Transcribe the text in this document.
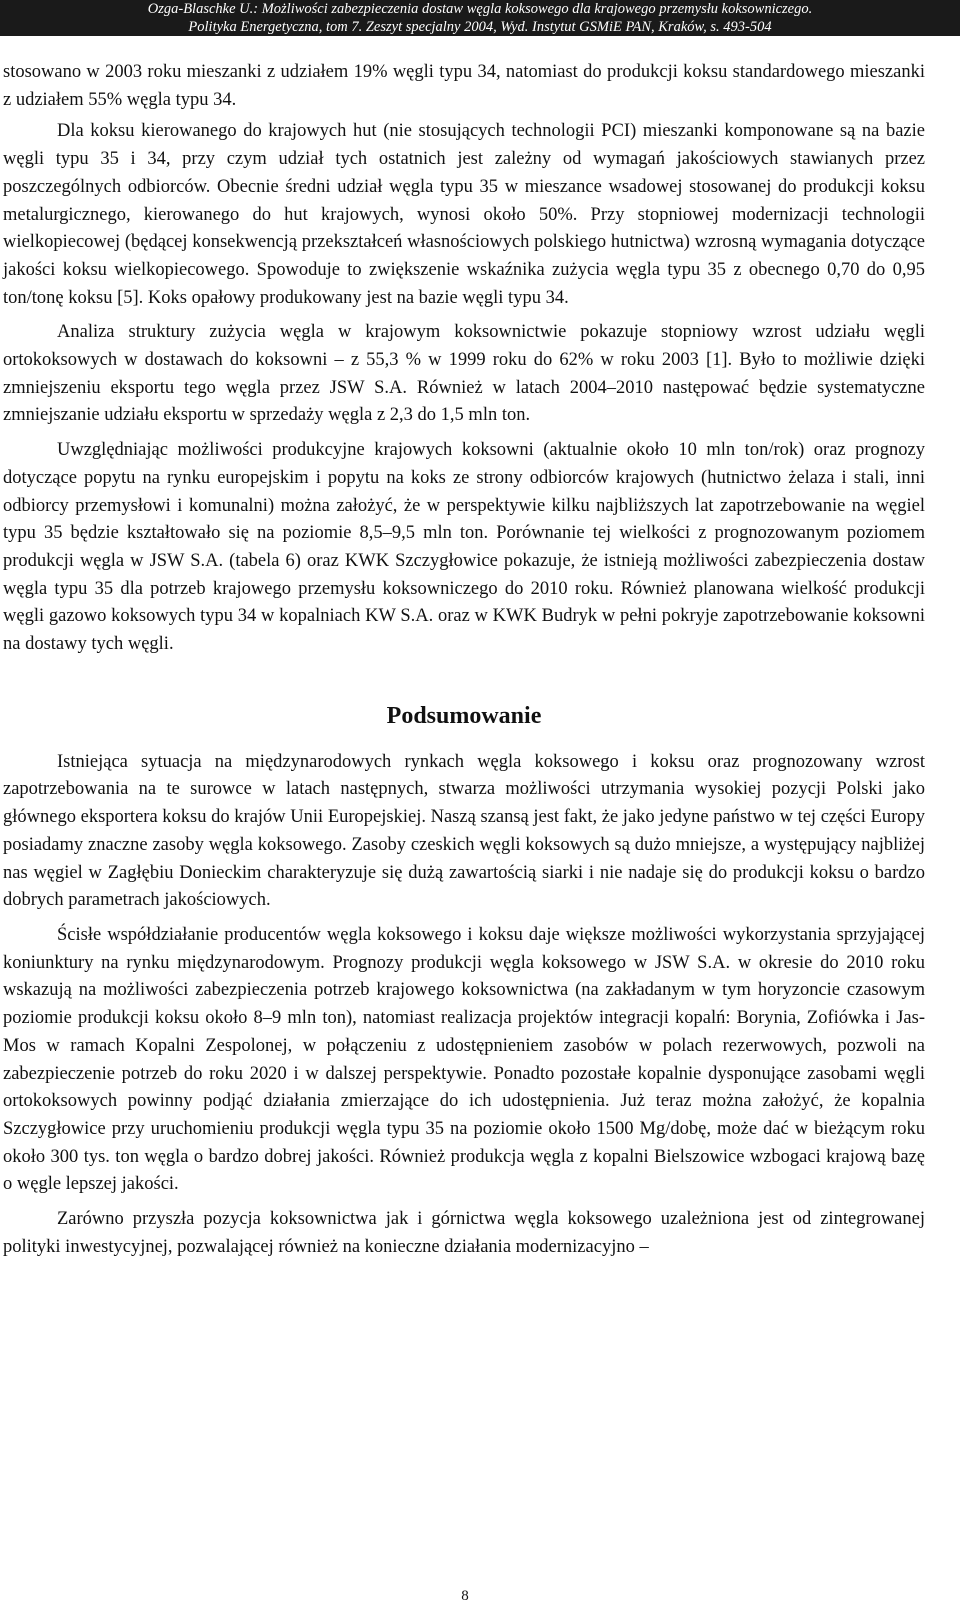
Ozga-Blaschke U.: Możliwości zabezpieczenia dostaw węgla koksowego dla krajowego przemysłu koksowniczego.
Polityka Energetyczna, tom 7. Zeszyt specjalny 2004, Wyd. Instytut GSMiE PAN, Kraków, s. 493-504

stosowano w 2003 roku mieszanki z udziałem 19% węgli typu 34, natomiast do produkcji koksu standardowego mieszanki z udziałem 55% węgla typu 34.

Dla koksu kierowanego do krajowych hut (nie stosujących technologii PCI) mieszanki komponowane są na bazie węgli typu 35 i 34, przy czym udział tych ostatnich jest zależny od wymagań jakościowych stawianych przez poszczególnych odbiorców. Obecnie średni udział węgla typu 35 w mieszance wsadowej stosowanej do produkcji koksu metalurgicznego, kierowanego do hut krajowych, wynosi około 50%. Przy stopniowej modernizacji technologii wielkopiecowej (będącej konsekwencją przekształceń własnościowych polskiego hutnictwa) wzrosną wymagania dotyczące jakości koksu wielkopiecowego. Spowoduje to zwiększenie wskaźnika zużycia węgla typu 35 z obecnego 0,70 do 0,95 ton/tonę koksu [5]. Koks opałowy produkowany jest na bazie węgli typu 34.

Analiza struktury zużycia węgla w krajowym koksownictwie pokazuje stopniowy wzrost udziału węgli ortokoksowych w dostawach do koksowni – z 55,3 % w 1999 roku do 62% w roku 2003 [1]. Było to możliwie dzięki zmniejszeniu eksportu tego węgla przez JSW S.A. Również w latach 2004–2010 następować będzie systematyczne zmniejszanie udziału eksportu w sprzedaży węgla z 2,3 do 1,5 mln ton.

Uwzględniając możliwości produkcyjne krajowych koksowni (aktualnie około 10 mln ton/rok) oraz prognozy dotyczące popytu na rynku europejskim i popytu na koks ze strony odbiorców krajowych (hutnictwo żelaza i stali, inni odbiorcy przemysłowi i komunalni) można założyć, że w perspektywie kilku najbliższych lat zapotrzebowanie na węgiel typu 35 będzie kształtowało się na poziomie 8,5–9,5 mln ton. Porównanie tej wielkości z prognozowanym poziomem produkcji węgla w JSW S.A. (tabela 6) oraz KWK Szczygłowice pokazuje, że istnieją możliwości zabezpieczenia dostaw węgla typu 35 dla potrzeb krajowego przemysłu koksowniczego do 2010 roku. Również planowana wielkość produkcji węgli gazowo koksowych typu 34 w kopalniach KW S.A. oraz w KWK Budryk w pełni pokryje zapotrzebowanie koksowni na dostawy tych węgli.

Podsumowanie

Istniejąca sytuacja na międzynarodowych rynkach węgla koksowego i koksu oraz prognozowany wzrost zapotrzebowania na te surowce w latach następnych, stwarza możliwości utrzymania wysokiej pozycji Polski jako głównego eksportera koksu do krajów Unii Europejskiej. Naszą szansą jest fakt, że jako jedyne państwo w tej części Europy posiadamy znaczne zasoby węgla koksowego. Zasoby czeskich węgli koksowych są dużo mniejsze, a występujący najbliżej nas węgiel w Zagłębiu Donieckim charakteryzuje się dużą zawartością siarki i nie nadaje się do produkcji koksu o bardzo dobrych parametrach jakościowych.

Ścisłe współdziałanie producentów węgla koksowego i koksu daje większe możliwości wykorzystania sprzyjającej koniunktury na rynku międzynarodowym. Prognozy produkcji węgla koksowego w JSW S.A. w okresie do 2010 roku wskazują na możliwości zabezpieczenia potrzeb krajowego koksownictwa (na zakładanym w tym horyzoncie czasowym poziomie produkcji koksu około 8–9 mln ton), natomiast realizacja projektów integracji kopalń: Borynia, Zofiówka i Jas-Mos w ramach Kopalni Zespolonej, w połączeniu z udostępnieniem zasobów w polach rezerwowych, pozwoli na zabezpieczenie potrzeb do roku 2020 i w dalszej perspektywie. Ponadto pozostałe kopalnie dysponujące zasobami węgli ortokoksowych powinny podjąć działania zmierzające do ich udostępnienia. Już teraz można założyć, że kopalnia Szczygłowice przy uruchomieniu produkcji węgla typu 35 na poziomie około 1500 Mg/dobę, może dać w bieżącym roku około 300 tys. ton węgla o bardzo dobrej jakości. Również produkcja węgla z kopalni Bielszowice wzbogaci krajową bazę o węgle lepszej jakości.

Zarówno przyszła pozycja koksownictwa jak i górnictwa węgla koksowego uzależniona jest od zintegrowanej polityki inwestycyjnej, pozwalającej również na konieczne działania modernizacyjno –

8
